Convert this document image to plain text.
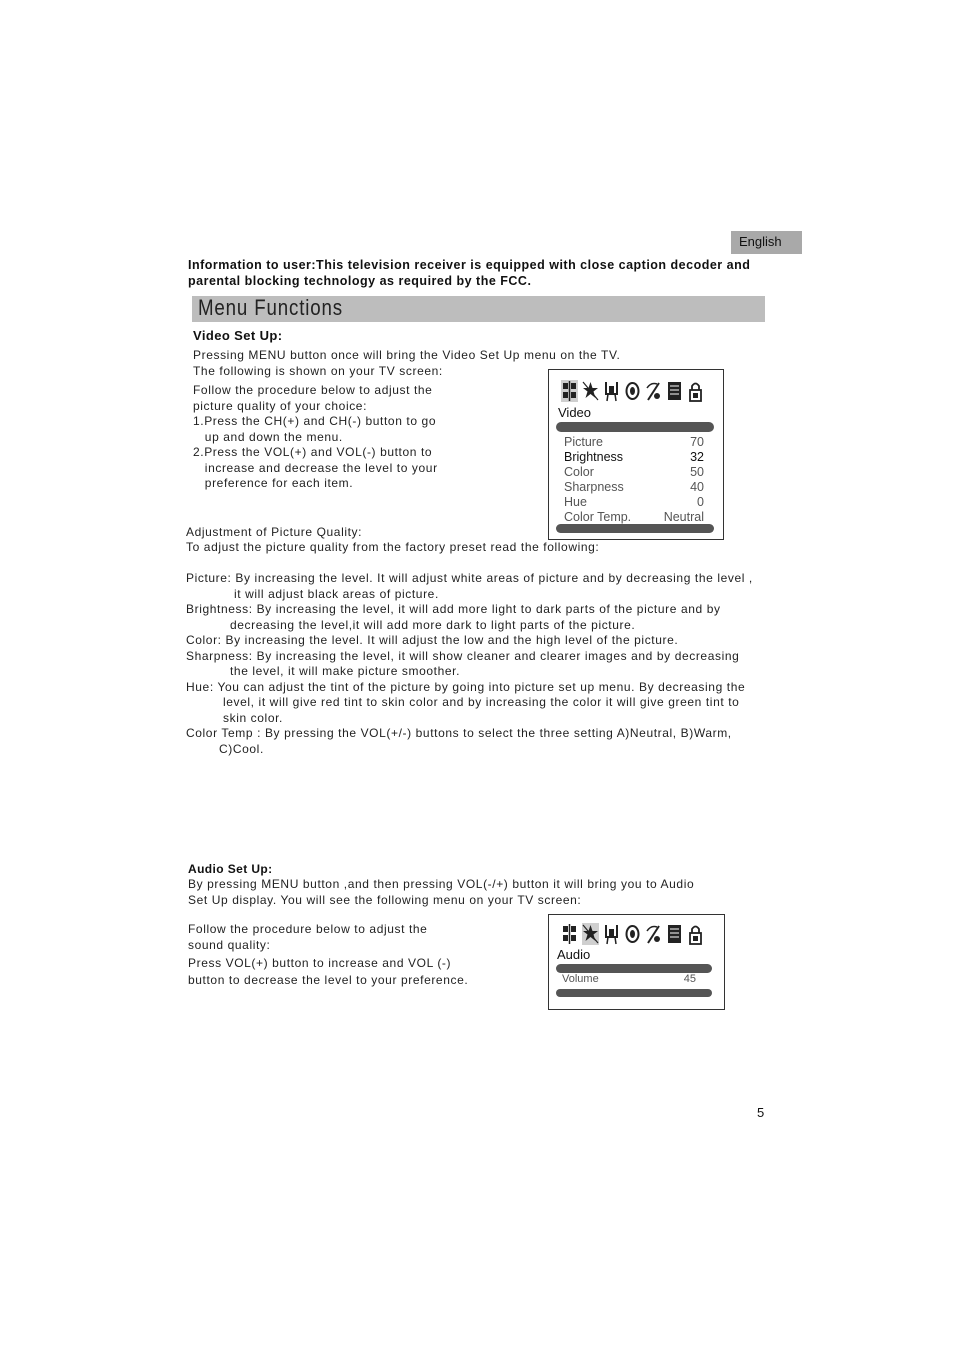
English
Information to user:This television receiver is equipped with close caption decoder and
parental blocking technology as required by the FCC.
Menu Functions
Video Set Up:
Pressing MENU button once will bring the Video Set Up menu on the TV.
The following is shown on your TV screen:
Follow the procedure below to adjust the
picture quality of your choice:
1.Press the CH(+) and CH(-) button to go
up and down the menu.
2.Press the VOL(+) and VOL(-) button to
increase and decrease the level to your
preference for each item.
Video
Picture	70
Brightness	32
Color	50
Sharpness	40
Hue	0
Color Temp.	Neutral
Adjustment of Picture Quality:
To adjust the picture quality from the factory preset read the following:
Picture: By increasing the level. It will adjust white areas of picture and by decreasing the level ,
it will adjust black areas of picture.
Brightness: By increasing the level, it will add more light to dark parts of the picture and by
decreasing the level,it will add more dark to light parts of the picture.
Color: By increasing the level. It will adjust the low and the high level of the picture.
Sharpness: By increasing the level, it will show cleaner and clearer images and by decreasing
the level, it will make picture smoother.
Hue: You can adjust the tint of the picture by going into picture set up menu. By decreasing the
level, it will give red tint to skin color and by increasing the color it will give green tint to
skin color.
Color Temp : By pressing the VOL(+/-) buttons to select the three setting A)Neutral, B)Warm,
C)Cool.
Audio Set Up:
By pressing MENU button ,and then pressing VOL(-/+) button it will bring you to Audio
Set Up display. You will see the following menu on your TV screen:
Follow the procedure below to adjust the
sound quality:
Press VOL(+) button to increase and VOL (-)
button to decrease the level to your preference.
Audio
Volume	45
5
